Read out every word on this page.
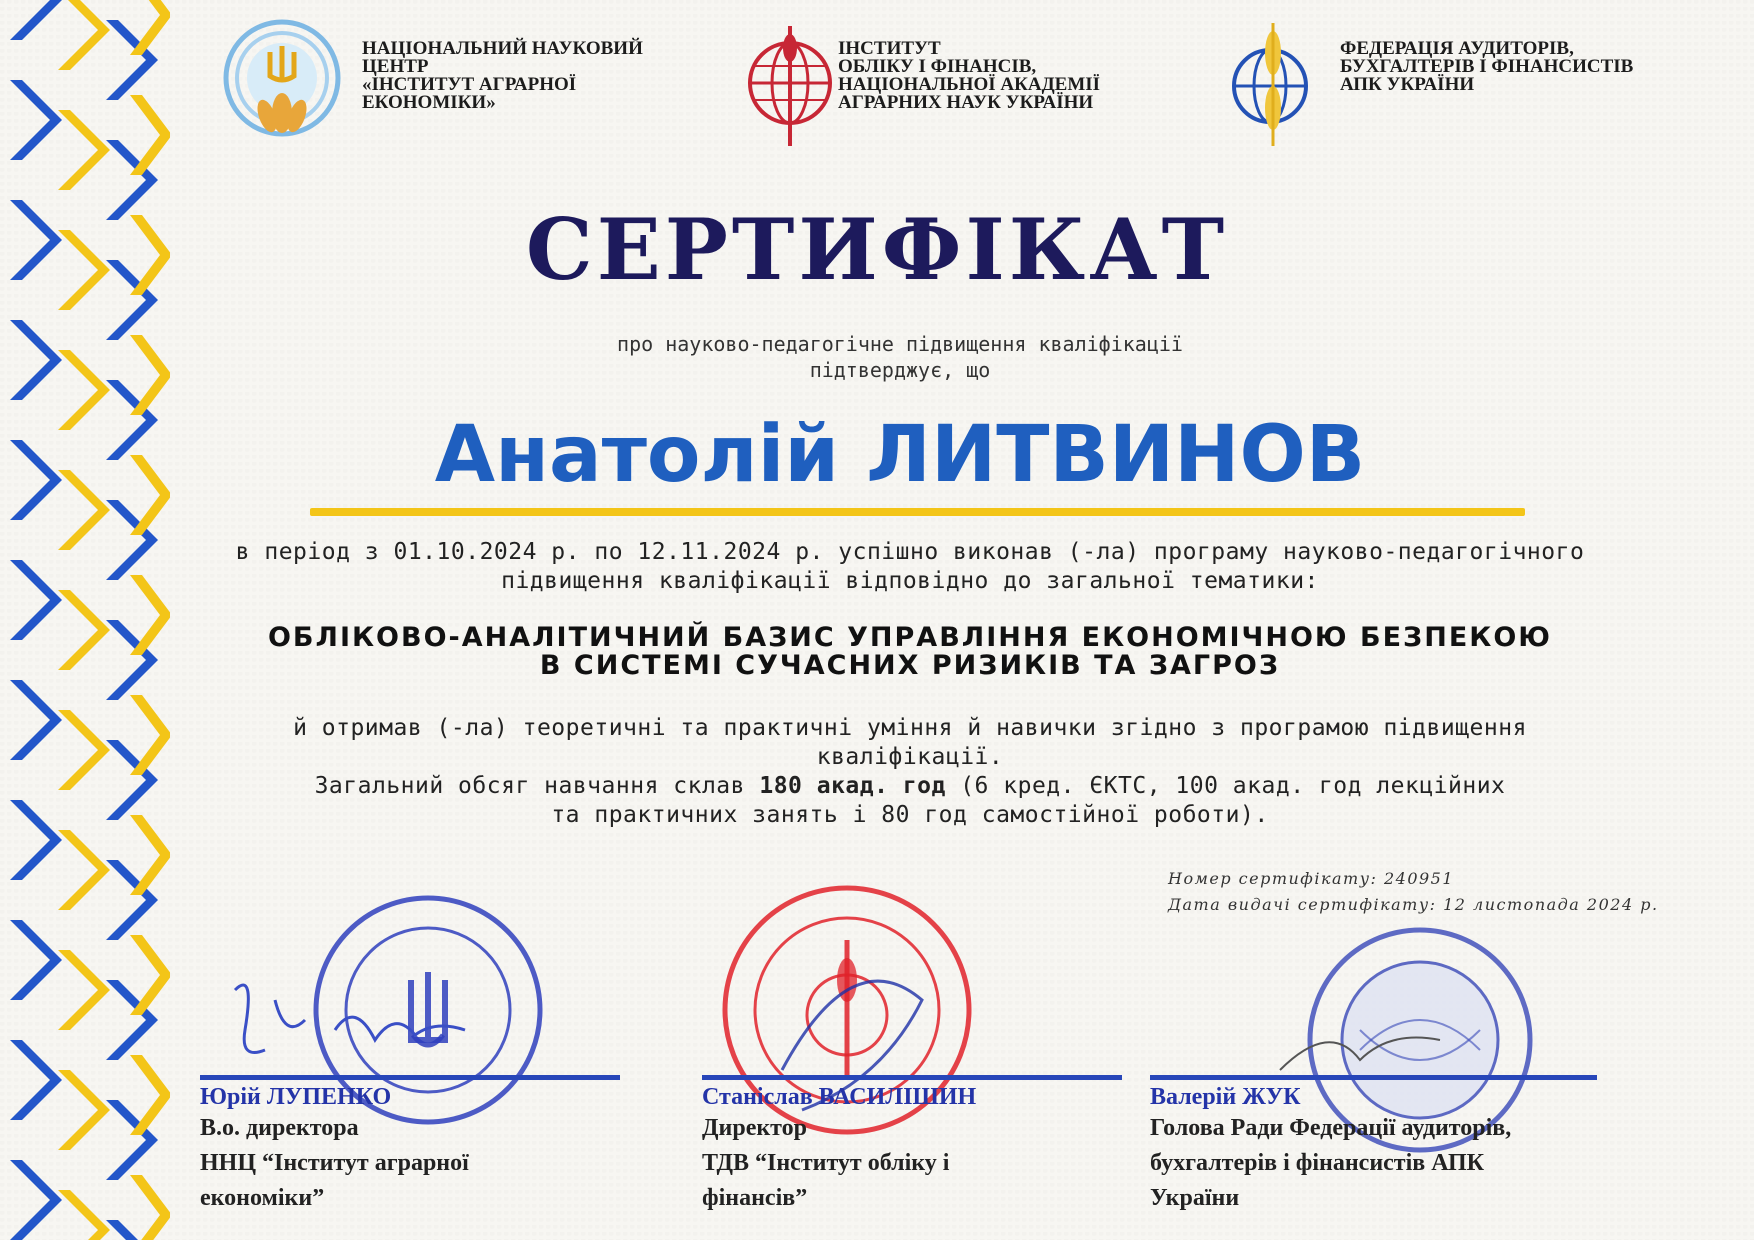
НАЦІОНАЛЬНИЙ НАУКОВИЙ
ЦЕНТР
«ІНСТИТУТ АГРАРНОЇ
ЕКОНОМІКИ»
ІНСТИТУТ
ОБЛІКУ І ФІНАНСІВ,
НАЦІОНАЛЬНОЇ АКАДЕМІЇ
АГРАРНИХ НАУК УКРАЇНИ
ФЕДЕРАЦІЯ АУДИТОРІВ,
БУХГАЛТЕРІВ І ФІНАНСИСТІВ
АПК УКРАЇНИ
СЕРТИФІКАТ
про науково-педагогічне підвищення кваліфікації
підтверджує, що
Анатолій ЛИТВИНОВ
в період з 01.10.2024 р. по 12.11.2024 р. успішно виконав (-ла) програму науково-педагогічного
підвищення кваліфікації відповідно до загальної тематики:
ОБЛІКОВО-АНАЛІТИЧНИЙ БАЗИС УПРАВЛІННЯ ЕКОНОМІЧНОЮ БЕЗПЕКОЮ
В СИСТЕМІ СУЧАСНИХ РИЗИКІВ ТА ЗАГРОЗ
й отримав (-ла) теоретичні та практичні уміння й навички згідно з програмою підвищення
кваліфікації.
Загальний обсяг навчання склав 180 акад. год (6 кред. ЄКТС, 100 акад. год лекційних
та практичних занять і 80 год самостійної роботи).
Номер сертифікату: 240951
Дата видачі сертифікату: 12 листопада 2024 р.
Юрій ЛУПЕНКО
В.о. директора
ННЦ “Інститут аграрної
економіки”
Станіслав ВАСИЛІШИН
Директор
ТДВ “Інститут обліку і
фінансів”
Валерій ЖУК
Голова Ради Федерації аудиторів,
бухгалтерів і фінансистів АПК
України
